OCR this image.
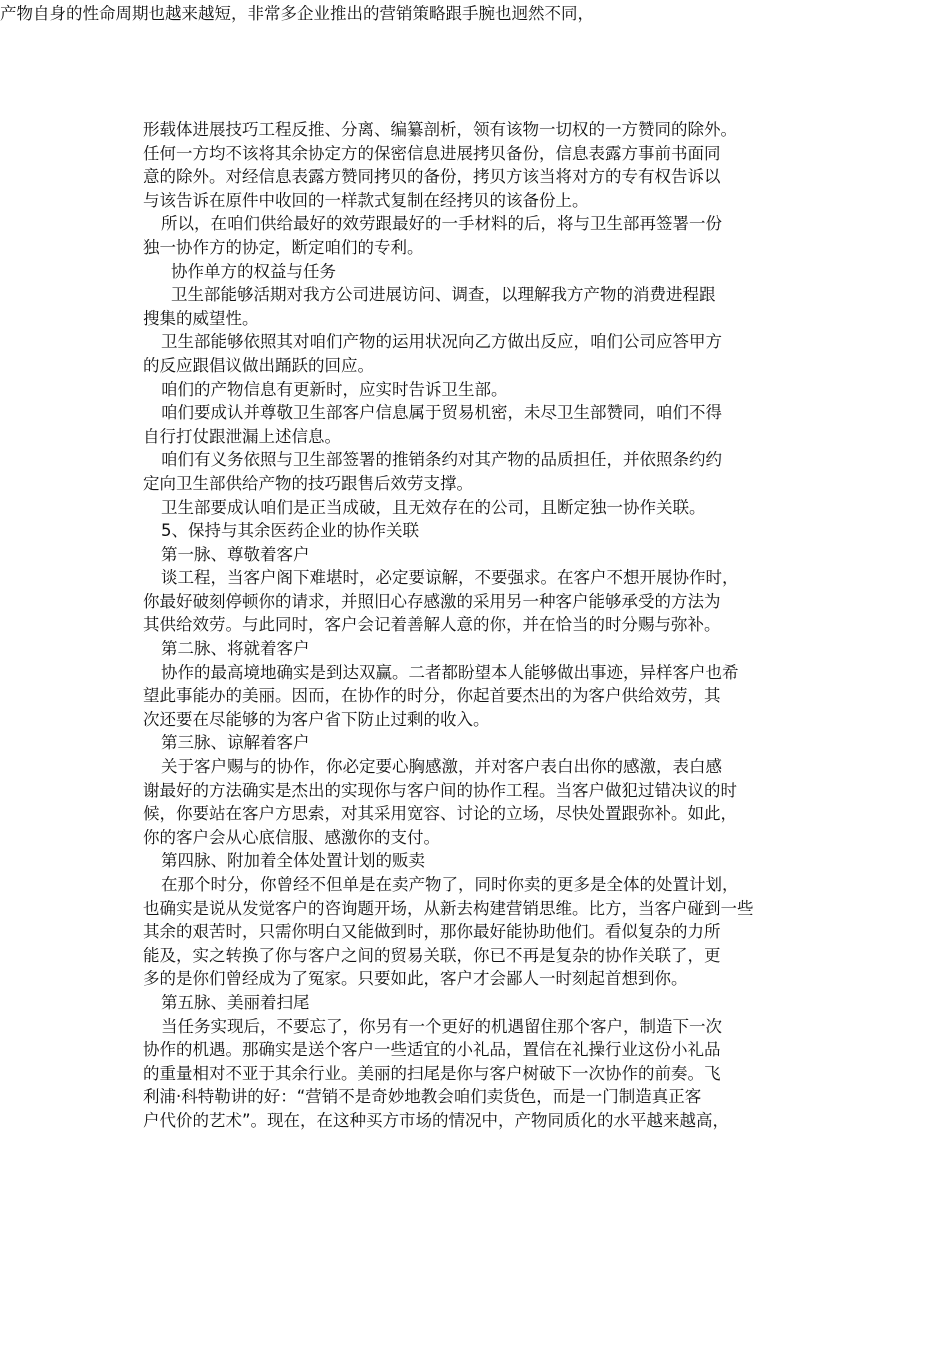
产物自身的性命周期也越来越短，非常多企业推出的营销策略跟手腕也迥然不同，
形载体进展技巧工程反推、分离、编纂剖析，领有该物一切权的一方赞同的除外。
任何一方均不该将其余协定方的保密信息进展拷贝备份，信息表露方事前书面同
意的除外。对经信息表露方赞同拷贝的备份，拷贝方该当将对方的专有权告诉以
与该告诉在原件中收回的一样款式复制在经拷贝的该备份上。
所以，在咱们供给最好的效劳跟最好的一手材料的后，将与卫生部再签署一份
独一协作方的协定，断定咱们的专利。
协作单方的权益与任务
卫生部能够活期对我方公司进展访问、调查，以理解我方产物的消费进程跟
搜集的威望性。
卫生部能够依照其对咱们产物的运用状况向乙方做出反应，咱们公司应答甲方
的反应跟倡议做出踊跃的回应。
咱们的产物信息有更新时，应实时告诉卫生部。
咱们要成认并尊敬卫生部客户信息属于贸易机密，未尽卫生部赞同，咱们不得
自行打仗跟泄漏上述信息。
咱们有义务依照与卫生部签署的推销条约对其产物的品质担任，并依照条约约
定向卫生部供给产物的技巧跟售后效劳支撑。
卫生部要成认咱们是正当成破，且无效存在的公司，且断定独一协作关联。
5、保持与其余医药企业的协作关联
第一脉、尊敬着客户
谈工程，当客户阁下难堪时，必定要谅解，不要强求。在客户不想开展协作时，
你最好破刻停顿你的请求，并照旧心存感激的采用另一种客户能够承受的方法为
其供给效劳。与此同时，客户会记着善解人意的你，并在恰当的时分赐与弥补。
第二脉、将就着客户
协作的最高境地确实是到达双赢。二者都盼望本人能够做出事迹，异样客户也希
望此事能办的美丽。因而，在协作的时分，你起首要杰出的为客户供给效劳，其
次还要在尽能够的为客户省下防止过剩的收入。
第三脉、谅解着客户
关于客户赐与的协作，你必定要心胸感激，并对客户表白出你的感激，表白感
谢最好的方法确实是杰出的实现你与客户间的协作工程。当客户做犯过错决议的时
候，你要站在客户方思索，对其采用宽容、讨论的立场，尽快处置跟弥补。如此，
你的客户会从心底信服、感激你的支付。
第四脉、附加着全体处置计划的贩卖
在那个时分，你曾经不但单是在卖产物了，同时你卖的更多是全体的处置计划，
也确实是说从发觉客户的咨询题开场，从新去构建营销思维。比方，当客户碰到一些
其余的艰苦时，只需你明白又能做到时，那你最好能协助他们。看似复杂的力所
能及，实之转换了你与客户之间的贸易关联，你已不再是复杂的协作关联了，更
多的是你们曾经成为了冤家。只要如此，客户才会鄙人一时刻起首想到你。
第五脉、美丽着扫尾
当任务实现后，不要忘了，你另有一个更好的机遇留住那个客户，制造下一次
协作的机遇。那确实是送个客户一些适宜的小礼品，置信在礼操行业这份小礼品
的重量相对不亚于其余行业。美丽的扫尾是你与客户树破下一次协作的前奏。飞
利浦·科特勒讲的好：“营销不是奇妙地教会咱们卖货色，而是一门制造真正客
户代价的艺术”。现在，在这种买方市场的情况中，产物同质化的水平越来越高，
